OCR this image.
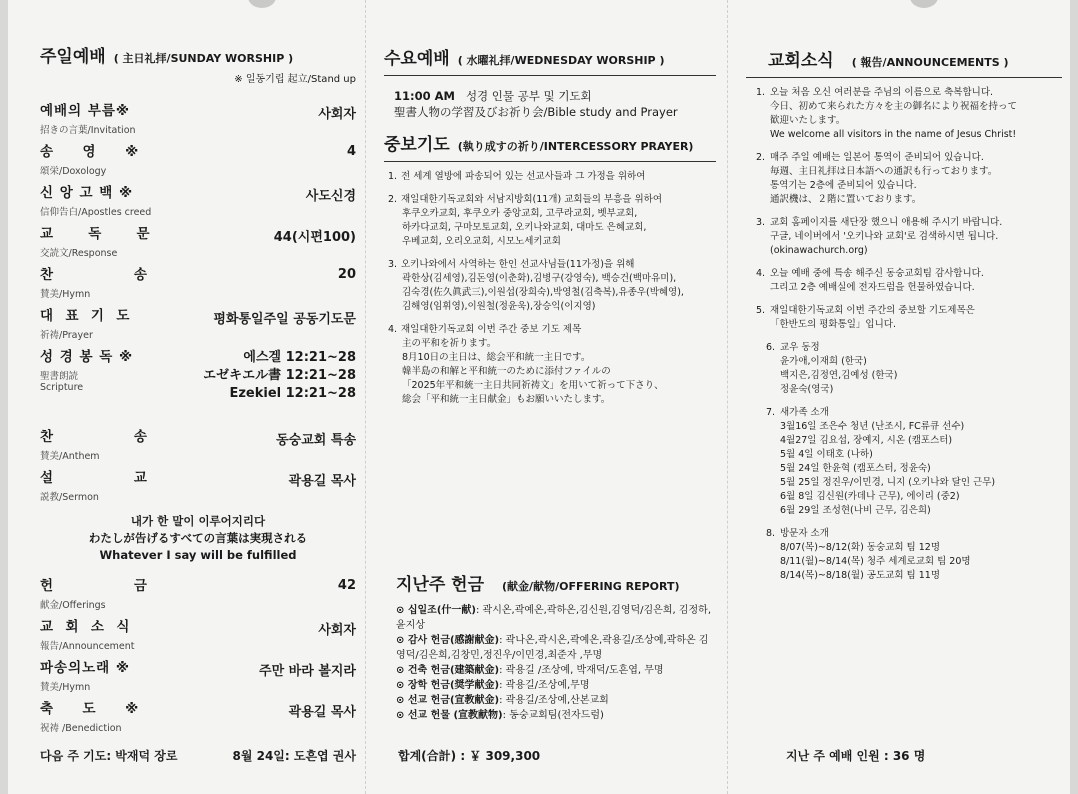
주일예배 ( 主日礼拝/SUNDAY WORSHIP )
※ 일동기립 起立/Stand up
예배의 부름※
招きの言葉/Invitation
사회자
송     영     ※
頌栄/Doxology
4
신 앙 고 백 ※
信仰告白/Apostles creed
사도신경
교      독      문
交読文/Response
44(시편100)
찬              송
賛美/Hymn
20
대  표  기  도
祈祷/Prayer
평화통일주일 공동기도문
성 경 봉 독 ※
聖書朗読
Scripture
에스겔 12:21~28
エゼキエル書 12:21~28
Ezekiel 12:21~28
찬              송
賛美/Anthem
동숭교회 특송
설              교
説教/Sermon
곽용길 목사
내가 한 말이 이루어지리다
わたしが告げるすべての言葉は実現される
Whatever I say will be fulfilled
헌              금
献金/Offerings
42
교  회  소  식
報告/Announcement
사회자
파송의노래 ※
賛美/Hymn
주만 바라 볼지라
축     도     ※
祝祷 /Benediction
곽용길 목사
다음 주 기도: 박재덕 장로	8월 24일: 도흔엽 권사
수요예배 ( 水曜礼拝/WEDNESDAY WORSHIP )
11:00 AM 성경 인물 공부 및 기도회
聖書人物の学習及びお祈り会/Bible study and Prayer
중보기도 (執り成すの祈り/INTERCESSORY PRAYER)
1. 전 세계 열방에 파송되어 있는 선교사들과 그 가정을 위하여
2. 재일대한기독교회와 서남지방회(11개) 교회들의 부흥을 위하여
후쿠오카교회, 후쿠오카 중앙교회, 고쿠라교회, 벳부교회,
하카다교회, 구마모토교회, 오키나와교회, 대마도 은혜교회,
우베교회, 오리오교회, 시모노세키교회
3. 오키나와에서 사역하는 한인 선교사님들(11가정)을 위해
곽한상(김세영),김돈영(이춘화),김병구(강영숙), 백승건(백마유미),
김숙경(佐久眞武三),이원섭(장희숙),박영철(김축복),유종우(박혜영),
김해영(임휘영),이원철(정윤욱),장승익(이지영)
4. 재일대한기독교회 이번 주간 중보 기도 제목
主の平和を祈ります。
8月10日の主日は、総会平和統一主日です。
韓半島の和解と平和統一のために添付ファイルの
「2025年平和統一主日共同祈祷文」を用いて祈って下さり、
総会「平和統一主日献金」もお願いいたします。
지난주 헌금 (献金/献物/OFFERING REPORT)
⊙ 십일조(什一献): 곽시온,곽예온,곽하온,김신원,김영덕/김은희, 김정하,윤지상
⊙ 감사 헌금(感謝献金): 곽나온,곽시온,곽예온,곽용길/조상예,곽하온 김영덕/김은희,김창민,정진우/이민경,최준자 ,무명
⊙ 건축 헌금(建築献金): 곽용길 /조상예, 박재덕/도흔엽, 무명
⊙ 장학 헌금(奨学献金): 곽용길/조상예,무명
⊙ 선교 헌금(宣教献金): 곽용길/조상예,산본교회
⊙ 선교 헌물 (宣教献物): 동숭교회팀(전자드럼)
합계(合計) : ￥ 309,300
교회소식 ( 報告/ANNOUNCEMENTS )
1. 오늘 처음 오신 여러분을 주님의 이름으로 축복합니다.
今日、初めて来られた方々を主の御名により祝福を持って
歓迎いたします。
We welcome all visitors in the name of Jesus Christ!
2. 매주 주일 예배는 일본어 통역이 준비되어 있습니다.
毎週、主日礼拝は日本語への通訳も行っております。
통역기는 2층에 준비되어 있습니다.
通訳機は、２階に置いております。
3. 교회 홈페이지를 새단장 했으니 애용해 주시기 바랍니다.
구글, 네이버에서 '오키나와 교회'로 검색하시면 됩니다.
(okinawachurch.org)
4. 오늘 예배 중에 특송 해주신 동숭교회팀 감사합니다.
그리고 2층 예배실에 전자드럼을 헌물하였습니다.
5. 재일대한기독교회 이번 주간의 중보할 기도제목은
「한반도의 평화통일」입니다.
6. 교우 동정
윤가애,이재희 (한국)
백지은,김정연,김예성 (한국)
정윤숙(영국)
7. 새가족 소개
3월16일 조은수 청년 (난조시, FC류큐 선수)
4월27일 김요섭, 장예지, 시온 (캠포스터)
5월 4일 이태호 (나하)
5월 24일 한윤혁 (캠포스터, 정윤숙)
5월 25일 정진우/이민경, 니지 (오키나와 달인 근무)
6월 8일 김신원(카데나 근무), 에이리 (중2)
6월 29일 조성현(나비 근무, 김은희)
8. 방문자 소개
8/07(목)~8/12(화) 동숭교회 팀 12명
8/11(월)~8/14(목) 청주 세계로교회 팀 20명
8/14(목)~8/18(월) 공도교회 팀 11명
지난 주 예배 인원 : 36 명
